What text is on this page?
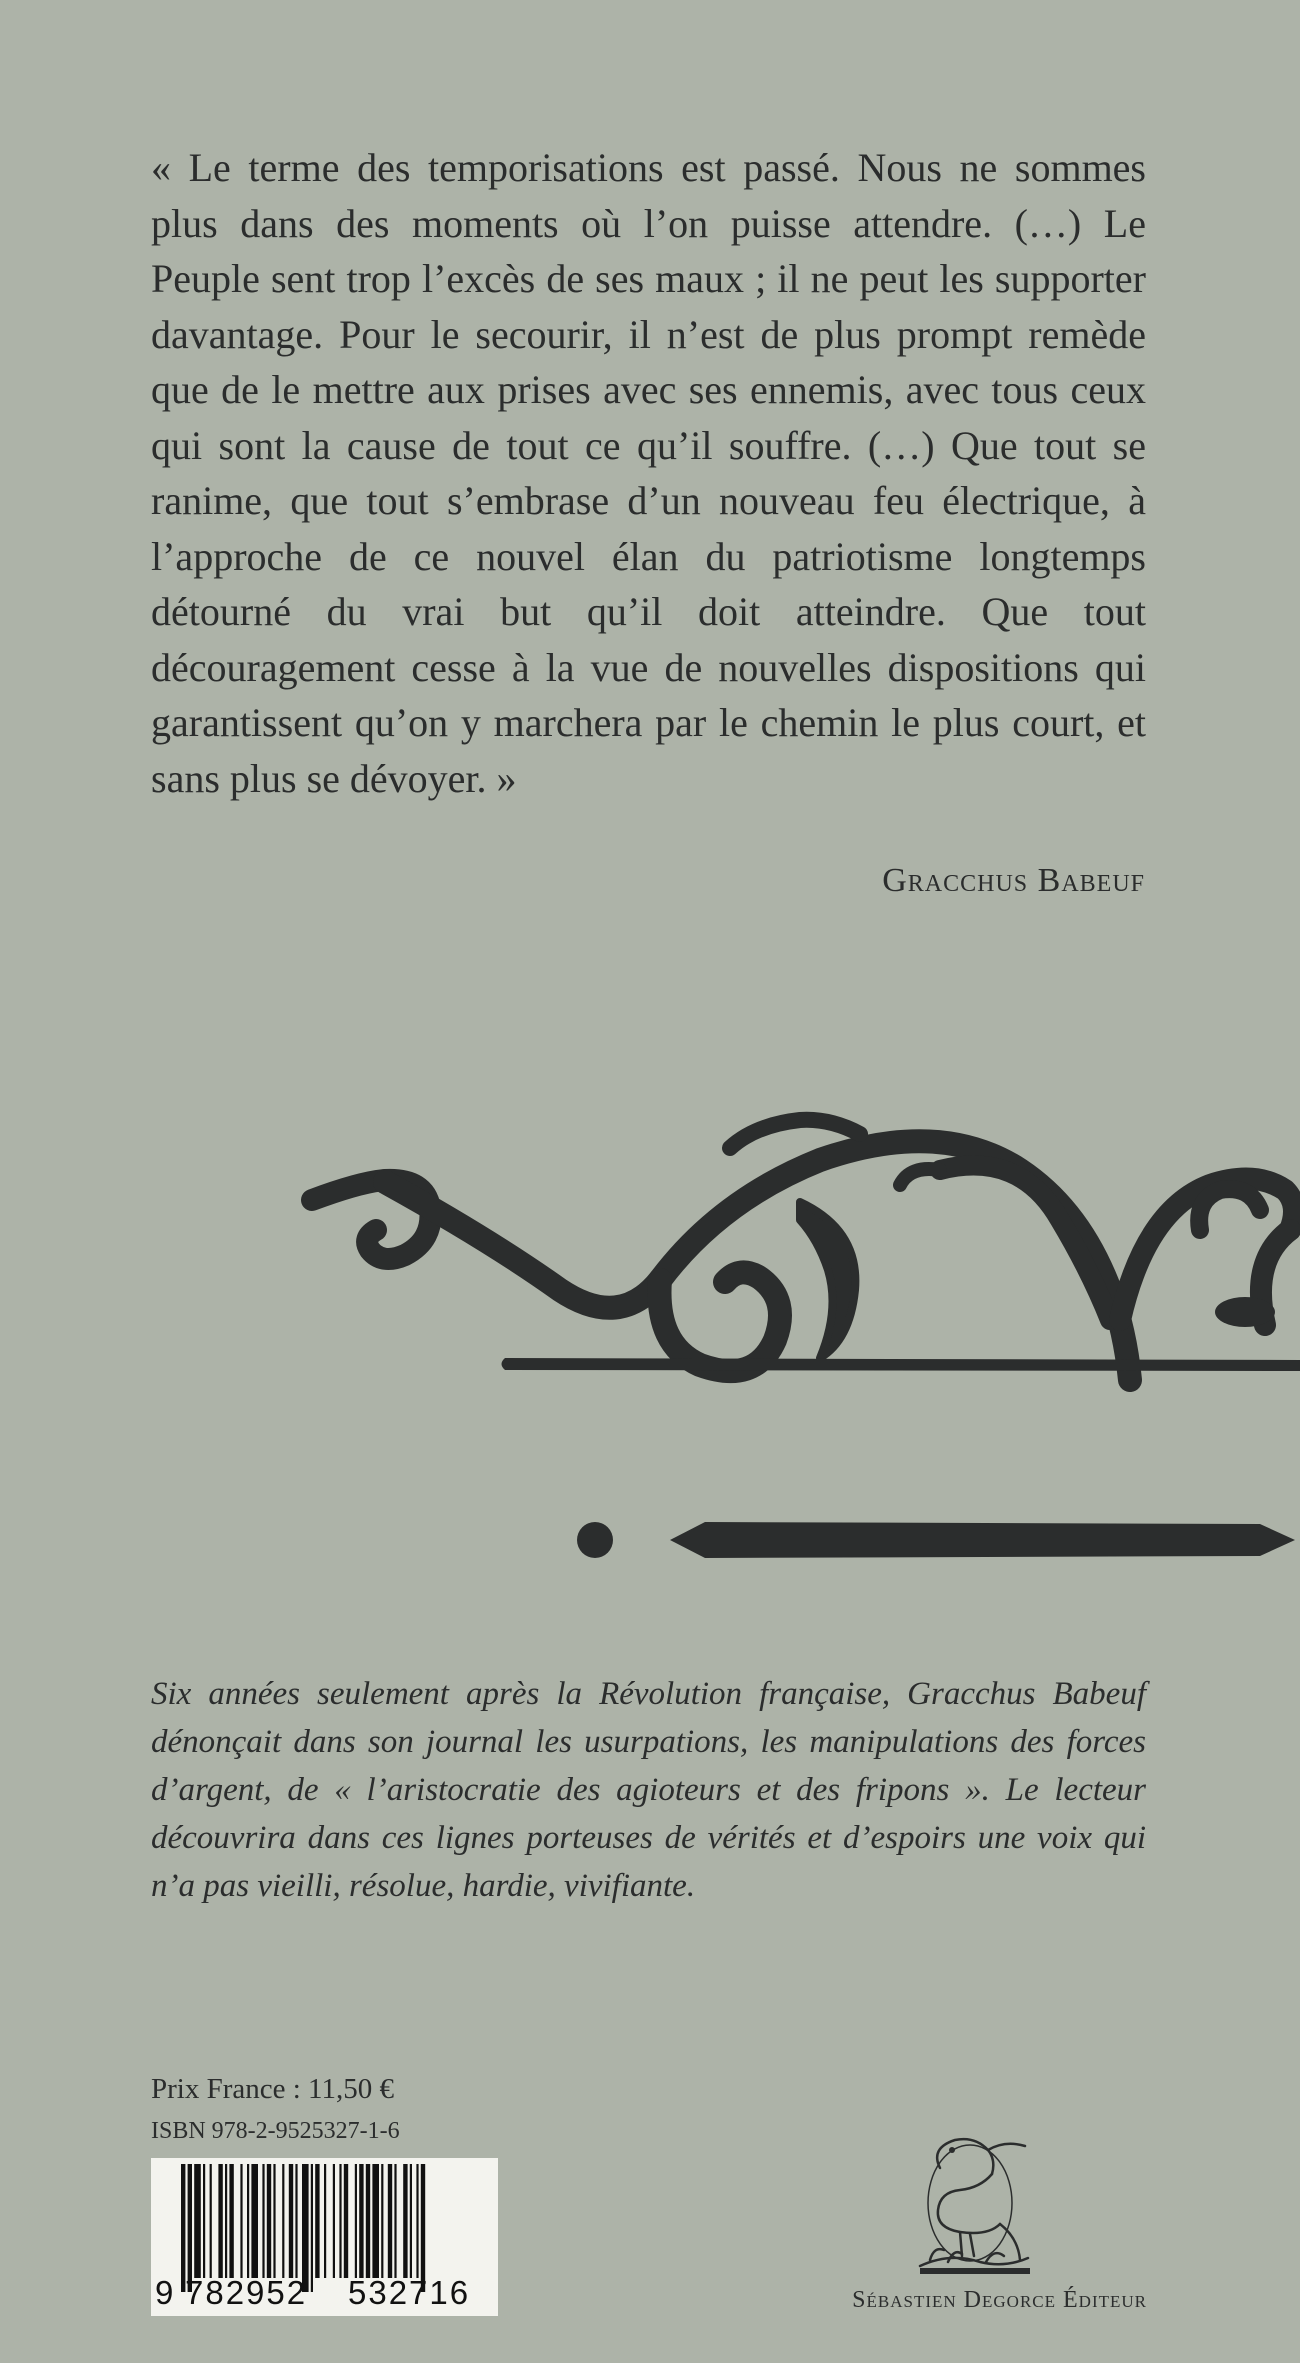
« Le terme des temporisations est passé. Nous ne sommes plus dans des moments où l’on puisse attendre. (…) Le Peuple sent trop l’excès de ses maux ; il ne peut les supporter davantage. Pour le secourir, il n’est de plus prompt remède que de le mettre aux prises avec ses ennemis, avec tous ceux qui sont la cause de tout ce qu’il souffre. (…) Que tout se ranime, que tout s’embrase d’un nouveau feu électrique, à l’approche de ce nouvel élan du patriotisme longtemps détourné du vrai but qu’il doit atteindre. Que tout découragement cesse à la vue de nouvelles dispositions qui garantissent qu’on y marchera par le chemin le plus court, et sans plus se dévoyer. »

Gracchus Babeuf

Six années seulement après la Révolution française, Gracchus Babeuf dénonçait dans son journal les usurpations, les manipulations des forces d’argent, de « l’aristocratie des agioteurs et des fripons ». Le lecteur découvrira dans ces lignes porteuses de vérités et d’espoirs une voix qui n’a pas vieilli, résolue, hardie, vivifiante.

Prix France : 11,50 €
ISBN 978-2-9525327-1-6
9 782952 532716	Sébastien Degorce Éditeur
